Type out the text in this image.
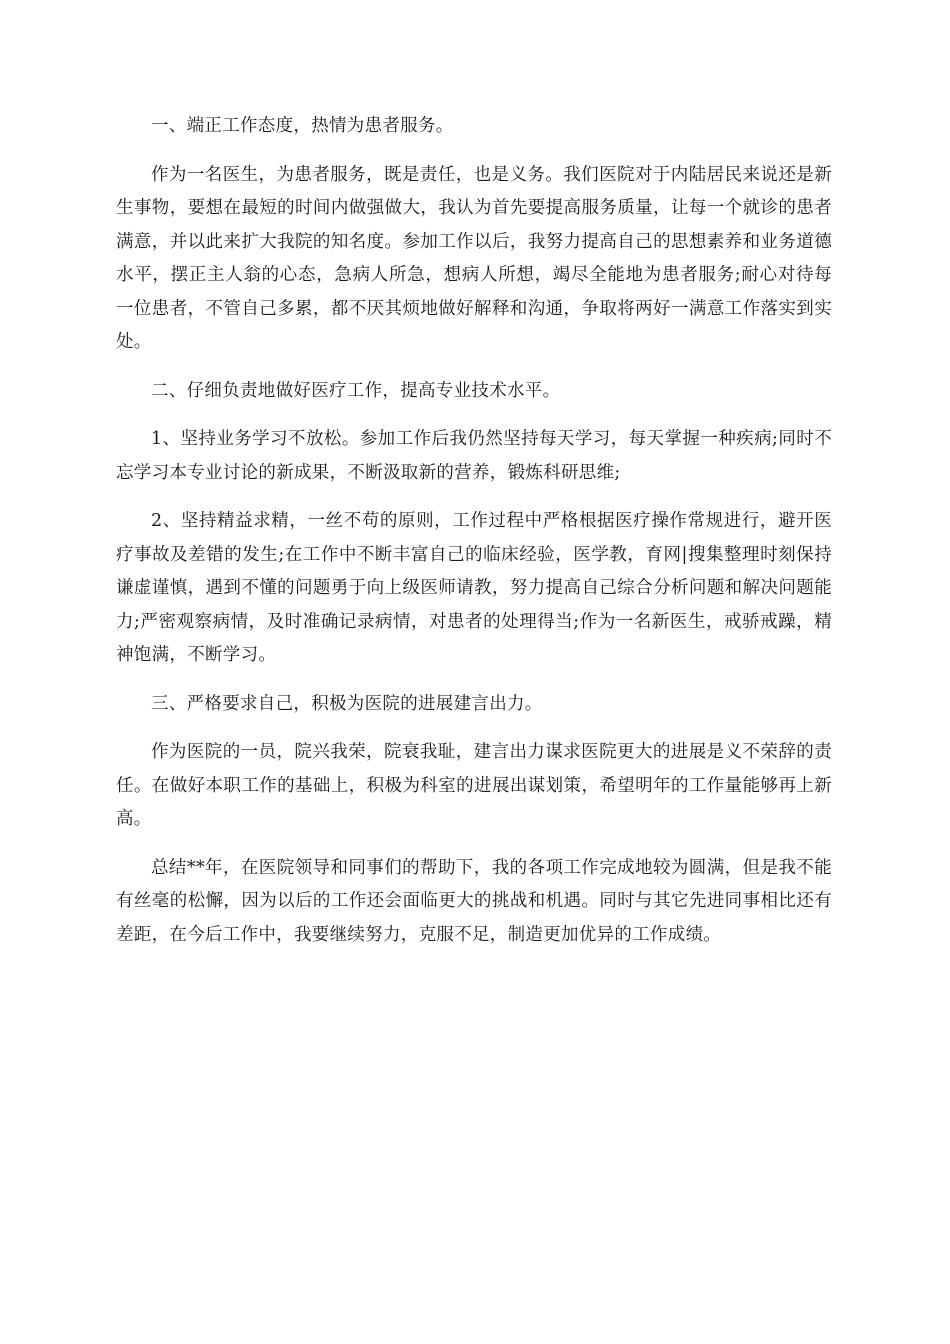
一、端正工作态度，热情为患者服务。

作为一名医生，为患者服务，既是责任，也是义务。我们医院对于内陆居民来说还是新生事物，要想在最短的时间内做强做大，我认为首先要提高服务质量，让每一个就诊的患者满意，并以此来扩大我院的知名度。参加工作以后，我努力提高自己的思想素养和业务道德水平，摆正主人翁的心态，急病人所急，想病人所想，竭尽全能地为患者服务;耐心对待每一位患者，不管自己多累，都不厌其烦地做好解释和沟通，争取将两好一满意工作落实到实处。

二、仔细负责地做好医疗工作，提高专业技术水平。

1、坚持业务学习不放松。参加工作后我仍然坚持每天学习，每天掌握一种疾病;同时不忘学习本专业讨论的新成果，不断汲取新的营养，锻炼科研思维;

2、坚持精益求精，一丝不苟的原则，工作过程中严格根据医疗操作常规进行，避开医疗事故及差错的发生;在工作中不断丰富自己的临床经验，医学教，育网|搜集整理时刻保持谦虚谨慎，遇到不懂的问题勇于向上级医师请教，努力提高自己综合分析问题和解决问题能力;严密观察病情，及时准确记录病情，对患者的处理得当;作为一名新医生，戒骄戒躁，精神饱满，不断学习。

三、严格要求自己，积极为医院的进展建言出力。

作为医院的一员，院兴我荣，院衰我耻，建言出力谋求医院更大的进展是义不荣辞的责任。在做好本职工作的基础上，积极为科室的进展出谋划策，希望明年的工作量能够再上新高。

总结**年，在医院领导和同事们的帮助下，我的各项工作完成地较为圆满，但是我不能有丝毫的松懈，因为以后的工作还会面临更大的挑战和机遇。同时与其它先进同事相比还有差距，在今后工作中，我要继续努力，克服不足，制造更加优异的工作成绩。
